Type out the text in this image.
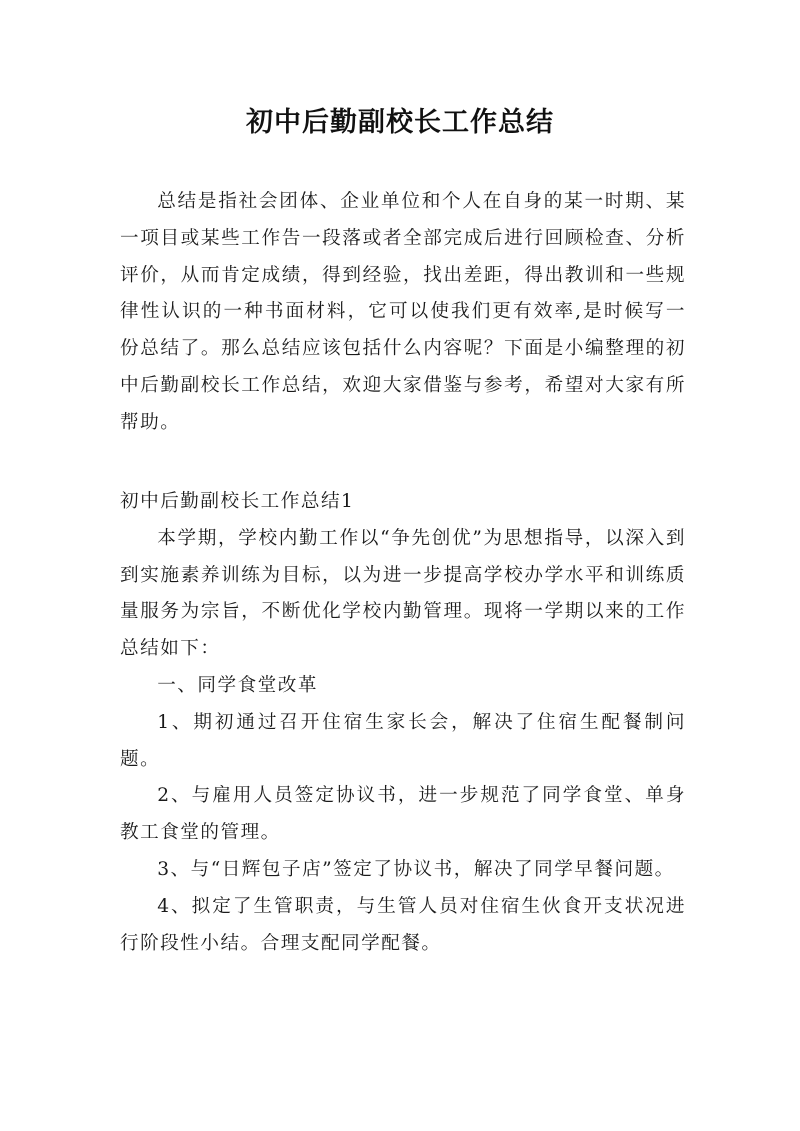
初中后勤副校长工作总结

总结是指社会团体、企业单位和个人在自身的某一时期、某一项目或某些工作告一段落或者全部完成后进行回顾检查、分析评价，从而肯定成绩，得到经验，找出差距，得出教训和一些规律性认识的一种书面材料，它可以使我们更有效率,是时候写一份总结了。那么总结应该包括什么内容呢？下面是小编整理的初中后勤副校长工作总结，欢迎大家借鉴与参考，希望对大家有所帮助。

初中后勤副校长工作总结1

本学期，学校内勤工作以“争先创优”为思想指导，以深入到到实施素养训练为目标，以为进一步提高学校办学水平和训练质量服务为宗旨，不断优化学校内勤管理。现将一学期以来的工作总结如下：

一、同学食堂改革

1、期初通过召开住宿生家长会，解决了住宿生配餐制问题。

2、与雇用人员签定协议书，进一步规范了同学食堂、单身教工食堂的管理。

3、与“日辉包子店”签定了协议书，解决了同学早餐问题。

4、拟定了生管职责，与生管人员对住宿生伙食开支状况进行阶段性小结。合理支配同学配餐。
